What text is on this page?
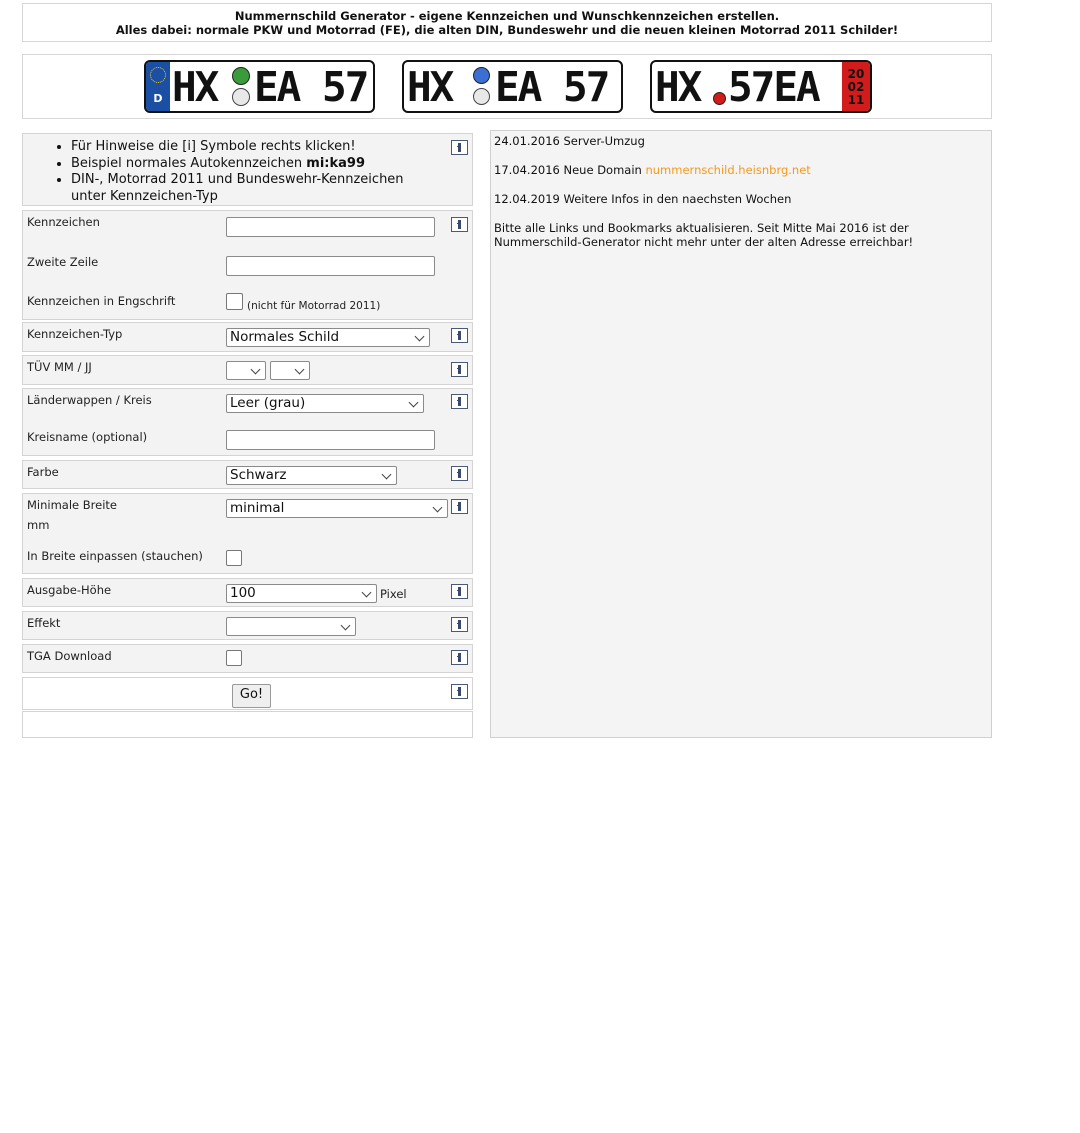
Nummernschild Generator - eigene Kennzeichen und Wunschkennzeichen erstellen.
Alles dabei: normale PKW und Motorrad (FE), die alten DIN, Bundeswehr und die neuen kleinen Motorrad 2011 Schilder!
D HX EA 57 HX EA 57 HX 57EA	20
02
11
• Für Hinweise die [i] Symbole rechts klicken!
• Beispiel normales Autokennzeichen mi:ka99
• DIN-, Motorrad 2011 und Bundeswehr-Kennzeichen unter Kennzeichen-Typ
Kennzeichen
Zweite Zeile
Kennzeichen in Engschrift	(nicht für Motorrad 2011)
Kennzeichen-Typ	Normales Schild
TÜV MM / JJ
Länderwappen / Kreis	Leer (grau)
Kreisname (optional)
Farbe	Schwarz
Minimale Breite
mm
minimal
In Breite einpassen (stauchen)
Ausgabe-Höhe	100	Pixel
Effekt
TGA Download
Go!

24.01.2016 Server-Umzug

17.04.2016 Neue Domain nummernschild.heisnbrg.net

12.04.2019 Weitere Infos in den naechsten Wochen

Bitte alle Links und Bookmarks aktualisieren. Seit Mitte Mai 2016 ist der Nummerschild-Generator nicht mehr unter der alten Adresse erreichbar!
